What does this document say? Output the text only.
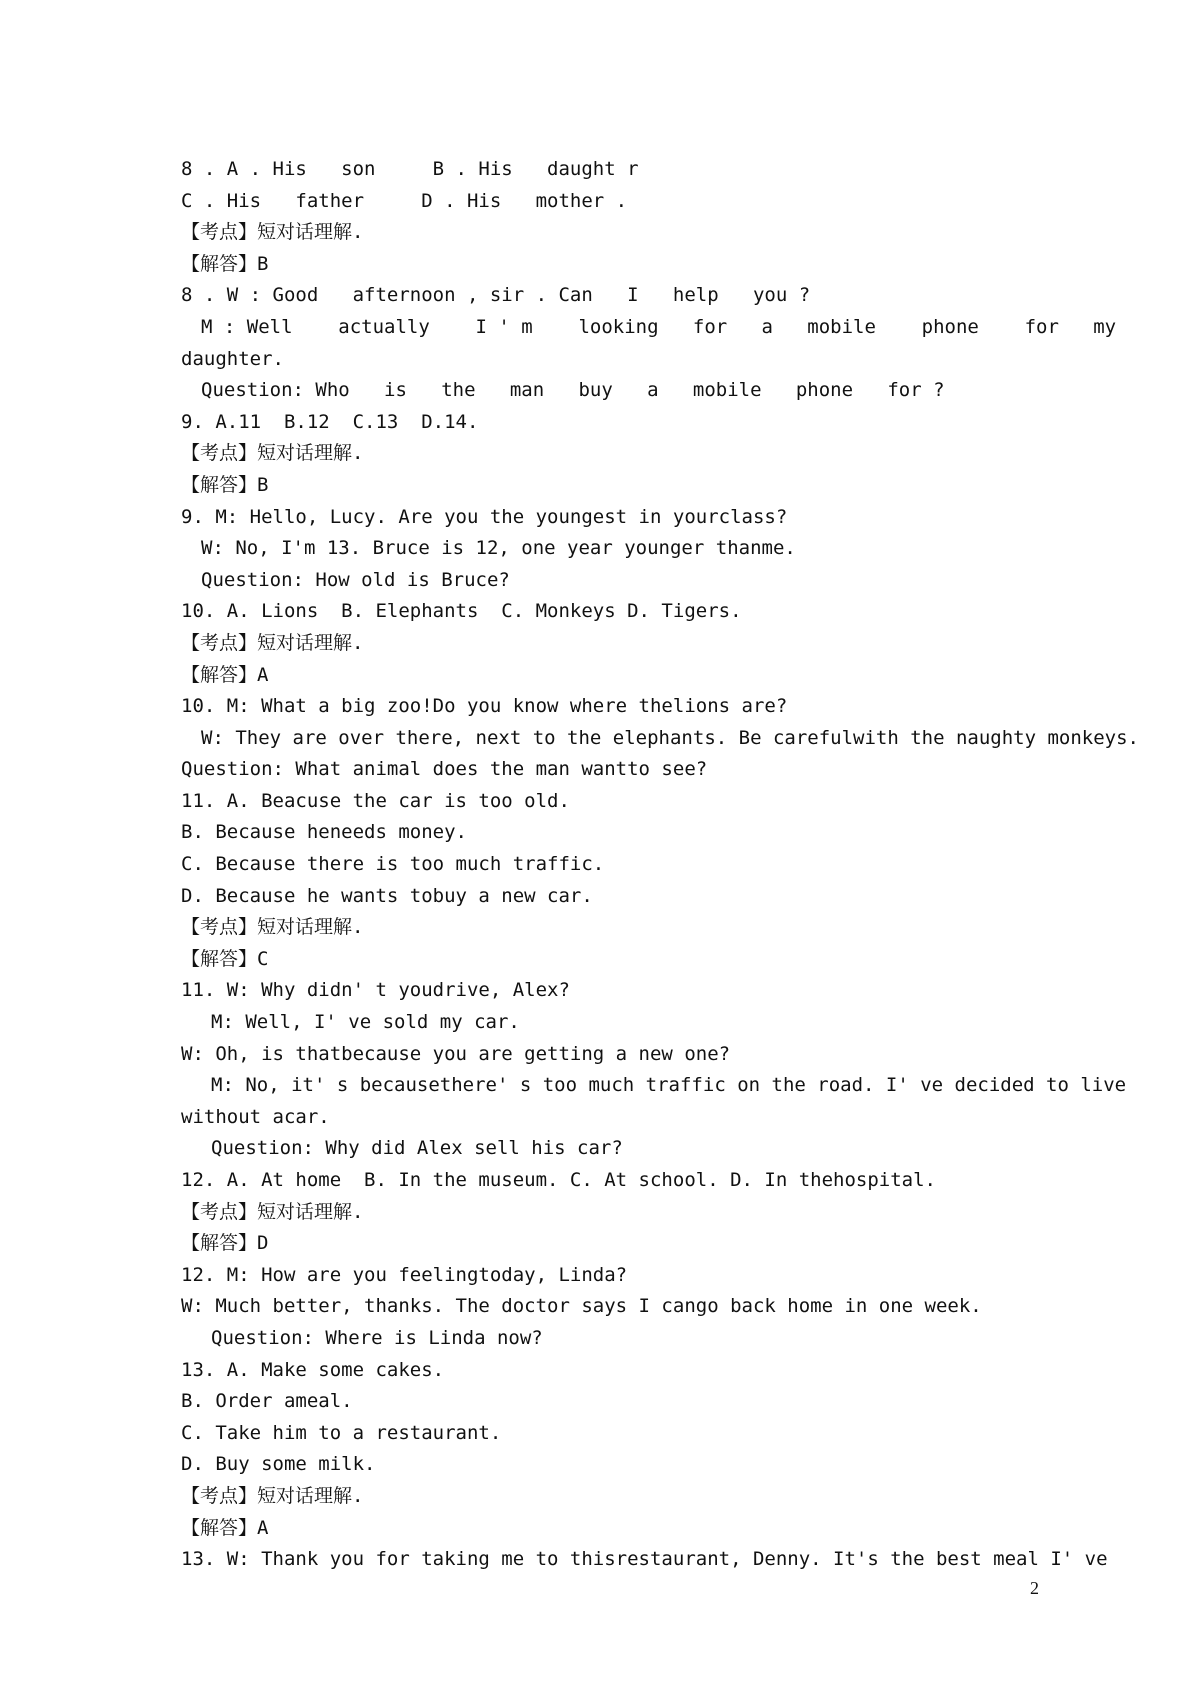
8 . A . His   son     B . His   daught r
C . His   father     D . His   mother .
【考点】短对话理解.
【解答】B
8 . W : Good   afternoon , sir . Can   I   help   you ?
M : Well    actually    I ' m    looking   for   a   mobile    phone    for   my
daughter.
Question: Who   is   the   man   buy   a   mobile   phone   for ?
9. A.11  B.12  C.13  D.14.
【考点】短对话理解.
【解答】B
9. M: Hello, Lucy. Are you the youngest in yourclass?
W: No, I'm 13. Bruce is 12, one year younger thanme.
Question: How old is Bruce?
10. A. Lions  B. Elephants  C. Monkeys D. Tigers.
【考点】短对话理解.
【解答】A
10. M: What a big zoo!Do you know where thelions are?
W: They are over there, next to the elephants. Be carefulwith the naughty monkeys.
Question: What animal does the man wantto see?
11. A. Beacuse the car is too old.
B. Because heneeds money.
C. Because there is too much traffic.
D. Because he wants tobuy a new car.
【考点】短对话理解.
【解答】C
11. W: Why didn' t youdrive, Alex?
M: Well, I' ve sold my car.
W: Oh, is thatbecause you are getting a new one?
M: No, it' s becausethere' s too much traffic on the road. I' ve decided to live
without acar.
Question: Why did Alex sell his car?
12. A. At home  B. In the museum. C. At school. D. In thehospital.
【考点】短对话理解.
【解答】D
12. M: How are you feelingtoday, Linda?
W: Much better, thanks. The doctor says I cango back home in one week.
Question: Where is Linda now?
13. A. Make some cakes.
B. Order ameal.
C. Take him to a restaurant.
D. Buy some milk.
【考点】短对话理解.
【解答】A
13. W: Thank you for taking me to thisrestaurant, Denny. It's the best meal I' ve
2
